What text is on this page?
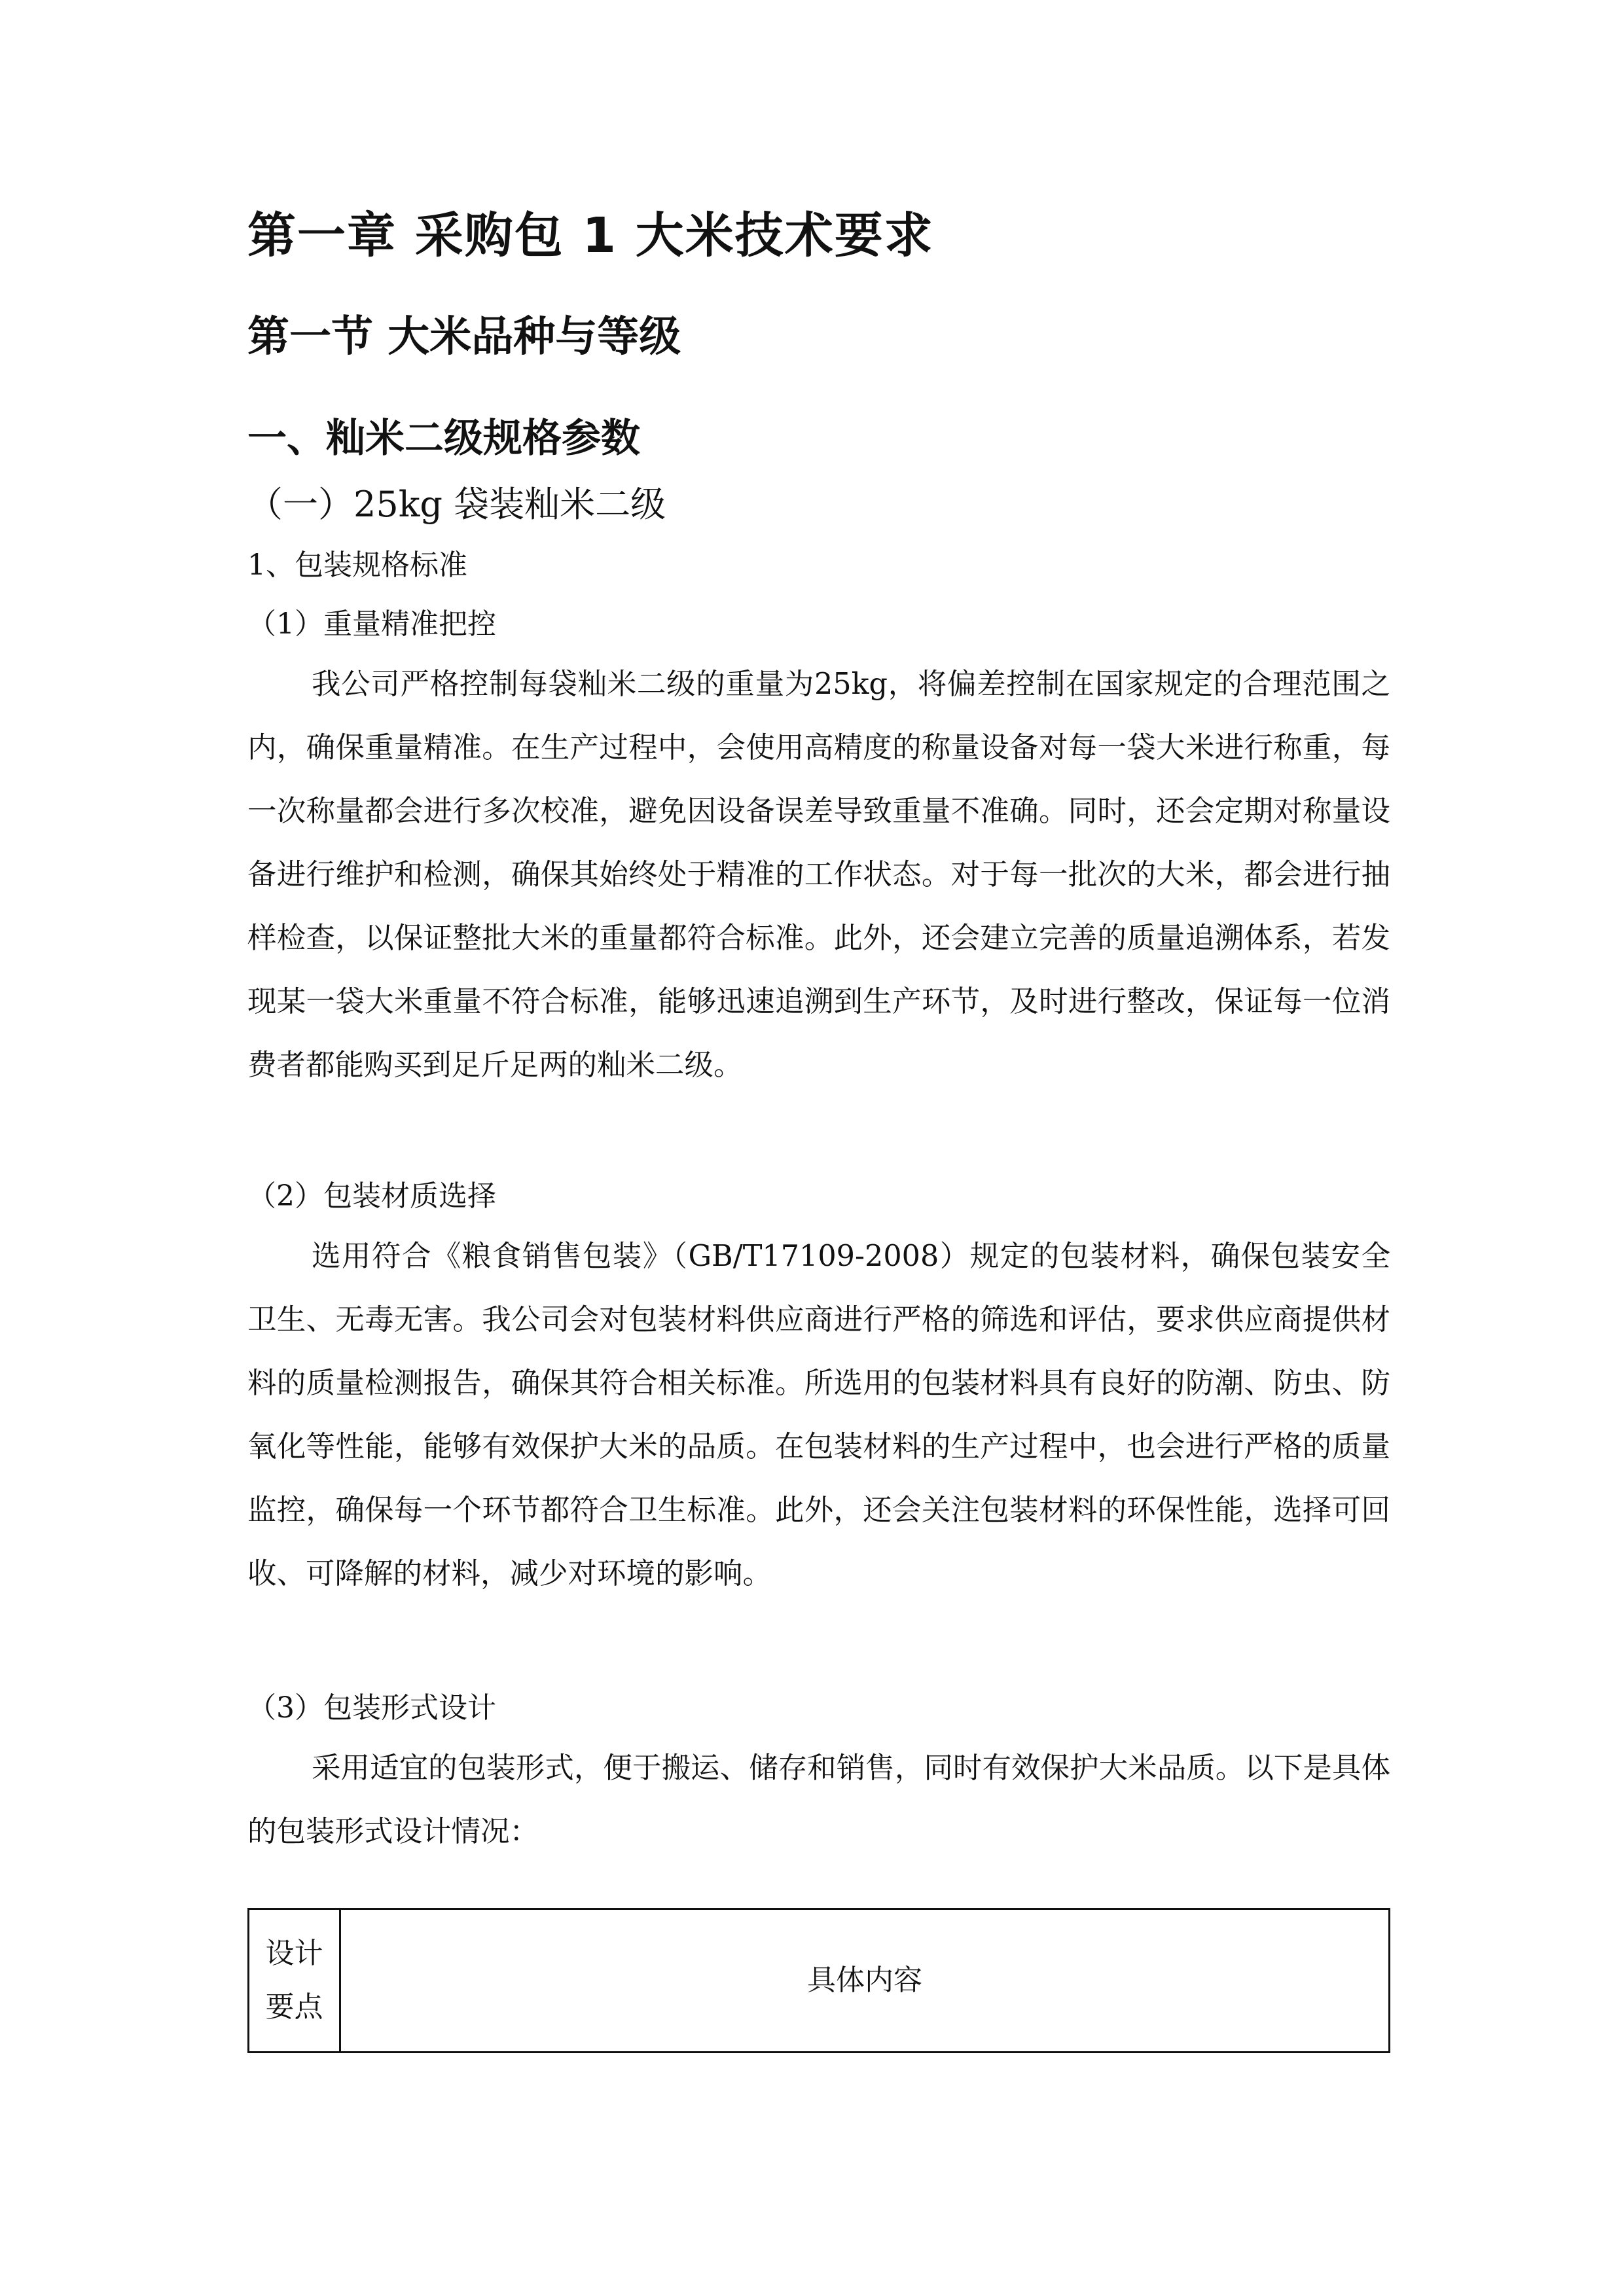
第一章 采购包 1 大米技术要求
第一节 大米品种与等级
一、籼米二级规格参数
（一）25kg 袋装籼米二级
1、包装规格标准
（1）重量精准把控

我公司严格控制每袋籼米二级的重量为25kg，将偏差控制在国家规定的合理范围之内，确保重量精准。在生产过程中，会使用高精度的称量设备对每一袋大米进行称重，每一次称量都会进行多次校准，避免因设备误差导致重量不准确。同时，还会定期对称量设备进行维护和检测，确保其始终处于精准的工作状态。对于每一批次的大米，都会进行抽样检查，以保证整批大米的重量都符合标准。此外，还会建立完善的质量追溯体系，若发现某一袋大米重量不符合标准，能够迅速追溯到生产环节，及时进行整改，保证每一位消费者都能购买到足斤足两的籼米二级。

（2）包装材质选择

选用符合《粮食销售包装》（GB/T17109-2008）规定的包装材料，确保包装安全卫生、无毒无害。我公司会对包装材料供应商进行严格的筛选和评估，要求供应商提供材料的质量检测报告，确保其符合相关标准。所选用的包装材料具有良好的防潮、防虫、防氧化等性能，能够有效保护大米的品质。在包装材料的生产过程中，也会进行严格的质量监控，确保每一个环节都符合卫生标准。此外，还会关注包装材料的环保性能，选择可回收、可降解的材料，减少对环境的影响。

（3）包装形式设计

采用适宜的包装形式，便于搬运、储存和销售，同时有效保护大米品质。以下是具体的包装形式设计情况：

设计要点
具体内容
